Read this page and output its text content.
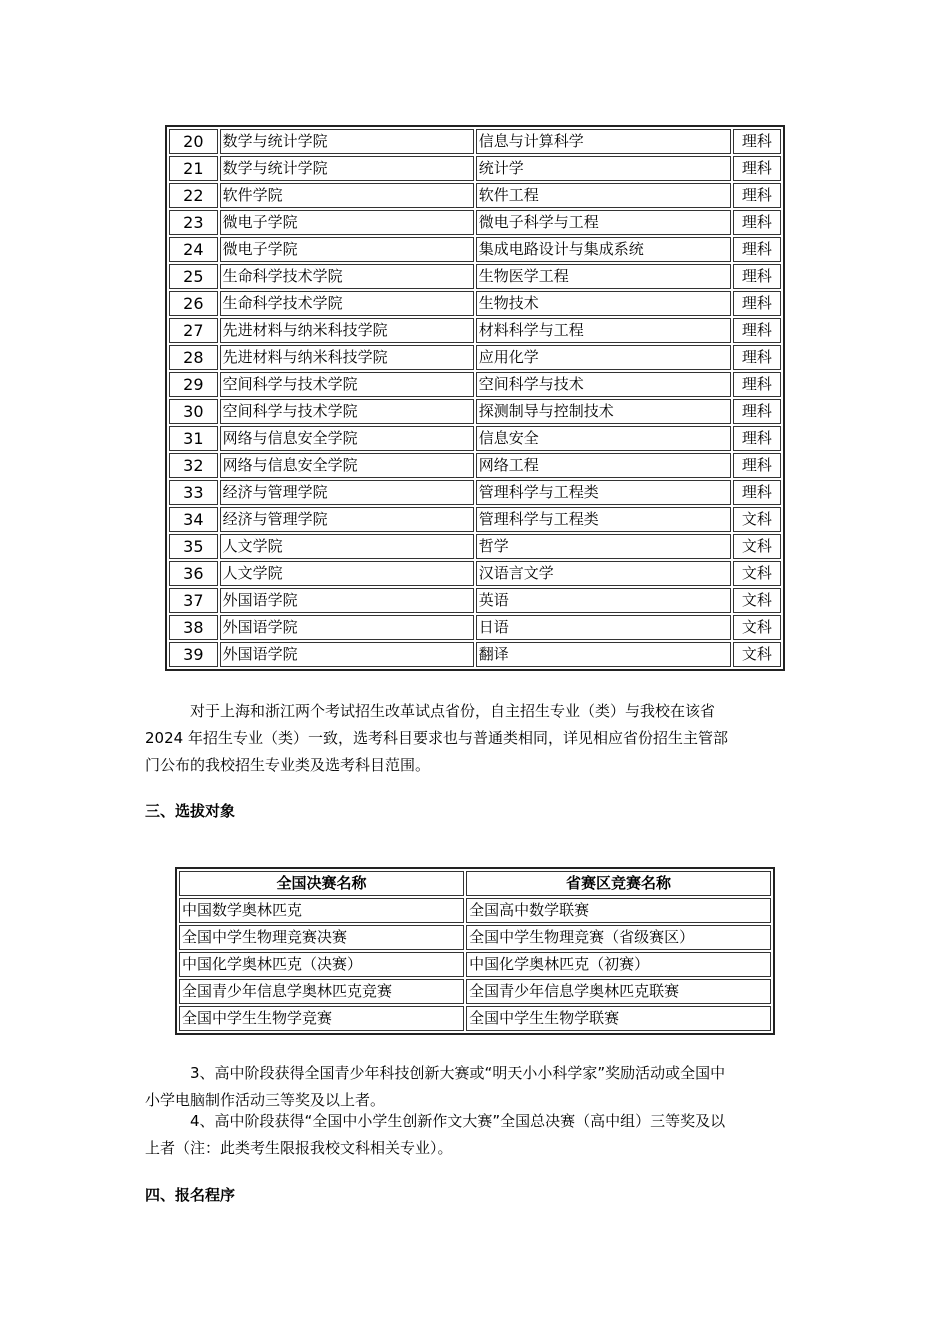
20	数学与统计学院	信息与计算科学	理科
21	数学与统计学院	统计学	理科
22	软件学院	软件工程	理科
23	微电子学院	微电子科学与工程	理科
24	微电子学院	集成电路设计与集成系统	理科
25	生命科学技术学院	生物医学工程	理科
26	生命科学技术学院	生物技术	理科
27	先进材料与纳米科技学院	材料科学与工程	理科
28	先进材料与纳米科技学院	应用化学	理科
29	空间科学与技术学院	空间科学与技术	理科
30	空间科学与技术学院	探测制导与控制技术	理科
31	网络与信息安全学院	信息安全	理科
32	网络与信息安全学院	网络工程	理科
33	经济与管理学院	管理科学与工程类	理科
34	经济与管理学院	管理科学与工程类	文科
35	人文学院	哲学	文科
36	人文学院	汉语言文学	文科
37	外国语学院	英语	文科
38	外国语学院	日语	文科
39	外国语学院	翻译	文科
对于上海和浙江两个考试招生改革试点省份，自主招生专业（类）与我校在该省
2024 年招生专业（类）一致，选考科目要求也与普通类相同，详见相应省份招生主管部
门公布的我校招生专业类及选考科目范围。
三、选拔对象
全国决赛名称	省赛区竞赛名称
中国数学奥林匹克	全国高中数学联赛
全国中学生物理竞赛决赛	全国中学生物理竞赛（省级赛区）
中国化学奥林匹克（决赛）	中国化学奥林匹克（初赛）
全国青少年信息学奥林匹克竞赛	全国青少年信息学奥林匹克联赛
全国中学生生物学竞赛	全国中学生生物学联赛
3、高中阶段获得全国青少年科技创新大赛或“明天小小科学家”奖励活动或全国中
小学电脑制作活动三等奖及以上者。
4、高中阶段获得“全国中小学生创新作文大赛”全国总决赛（高中组）三等奖及以
上者（注：此类考生限报我校文科相关专业）。
四、报名程序
